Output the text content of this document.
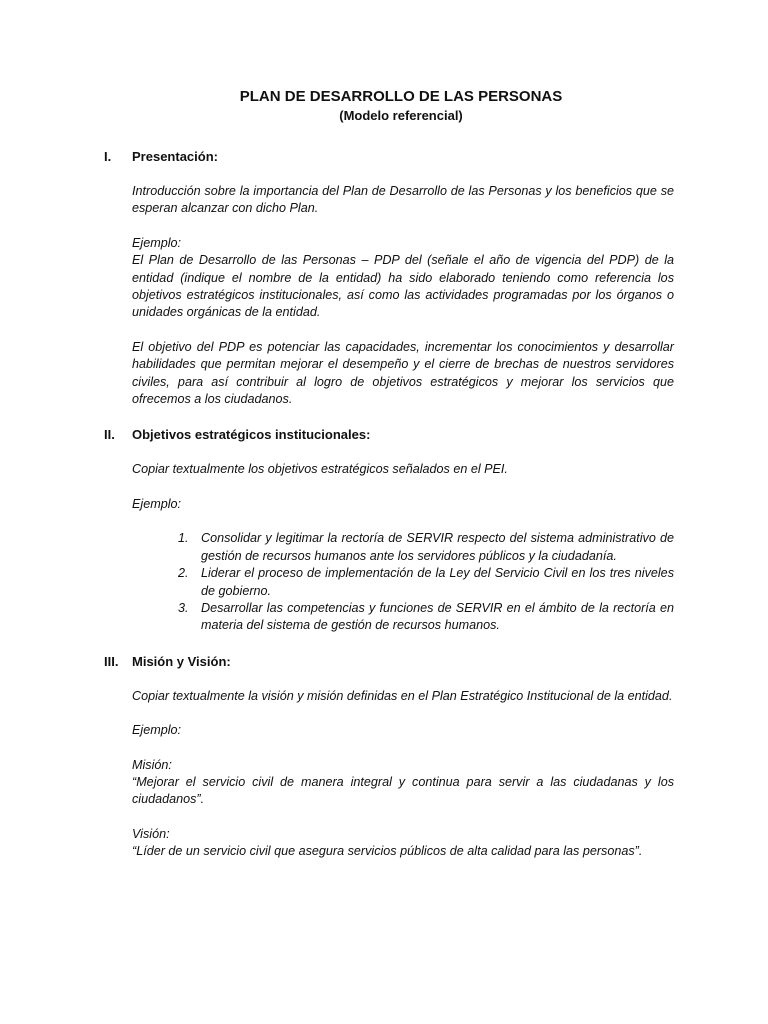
PLAN DE DESARROLLO DE LAS PERSONAS
(Modelo referencial)
I.	Presentación:

Introducción sobre la importancia del Plan de Desarrollo de las Personas y los beneficios que se esperan alcanzar con dicho Plan.

Ejemplo:

El Plan de Desarrollo de las Personas – PDP del (señale el año de vigencia del PDP) de la entidad (indique el nombre de la entidad) ha sido elaborado teniendo como referencia los objetivos estratégicos institucionales, así como las actividades programadas por los órganos o unidades orgánicas de la entidad.

El objetivo del PDP es potenciar las capacidades, incrementar los conocimientos y desarrollar habilidades que permitan mejorar el desempeño y el cierre de brechas de nuestros servidores civiles, para así contribuir al logro de objetivos estratégicos y mejorar los servicios que ofrecemos a los ciudadanos.

II.	Objetivos estratégicos institucionales:

Copiar textualmente los objetivos estratégicos señalados en el PEI.

Ejemplo:

1. Consolidar y legitimar la rectoría de SERVIR respecto del sistema administrativo de gestión de recursos humanos ante los servidores públicos y la ciudadanía.
2. Liderar el proceso de implementación de la Ley del Servicio Civil en los tres niveles de gobierno.
3. Desarrollar las competencias y funciones de SERVIR en el ámbito de la rectoría en materia del sistema de gestión de recursos humanos.
III.	Misión y Visión:

Copiar textualmente la visión y misión definidas en el Plan Estratégico Institucional de la entidad.

Ejemplo:

Misión:

“Mejorar el servicio civil de manera integral y continua para servir a las ciudadanas y los ciudadanos”.

Visión:

“Líder de un servicio civil que asegura servicios públicos de alta calidad para las personas”.
